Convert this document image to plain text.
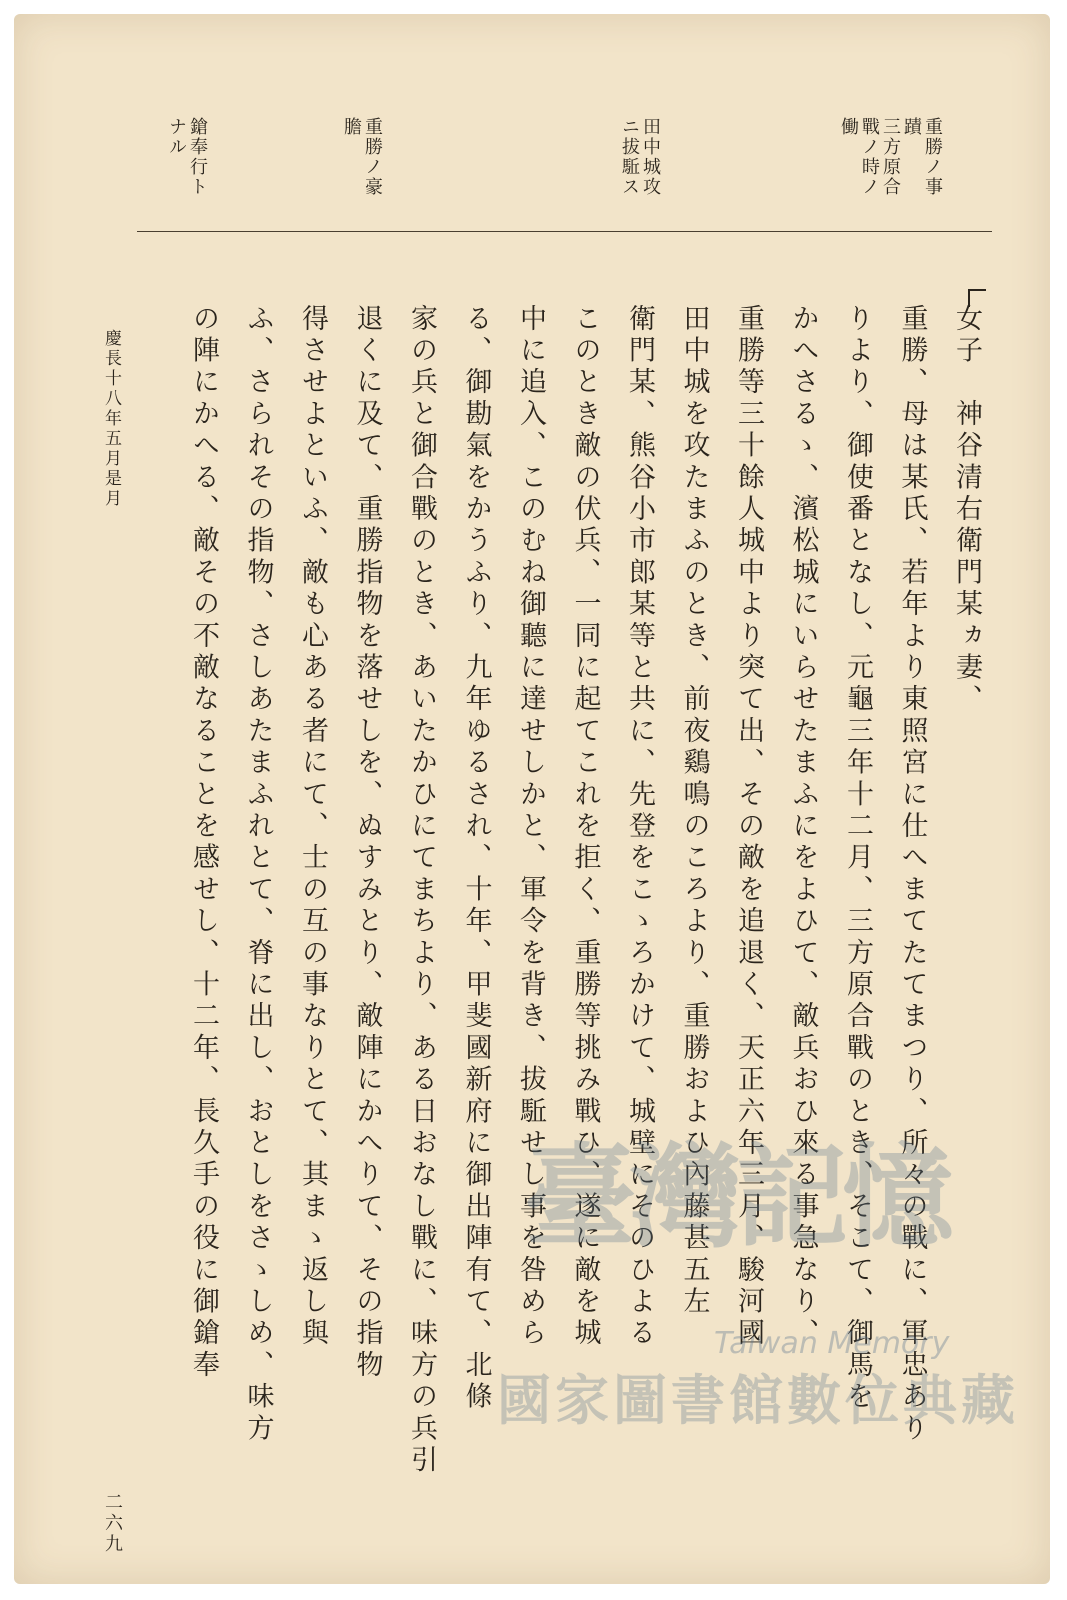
重勝ノ事
蹟
三方原合
戰ノ時ノ
働
田中城攻
ニ拔駈ス
重勝ノ豪
膽
鎗奉行ト
ナル
女子　神谷清右衛門某ヵ妻、
重勝、母は某氏、若年より東照宮に仕へまてたてまつり、所々の戰に、軍忠あり
りより、御使番となし、元龜三年十二月、三方原合戰のとき、そこて、御馬を
かへさるゝ、濱松城にいらせたまふにをよひて、敵兵おひ來る事急なり、
重勝等三十餘人城中より突て出、その敵を追退く、天正六年三月、駿河國
田中城を攻たまふのとき、前夜鷄鳴のころより、重勝およひ內藤甚五左
衛門某、熊谷小市郎某等と共に、先登をこゝろかけて、城壁にそのひよる
このとき敵の伏兵、一同に起てこれを拒く、重勝等挑み戰ひ、遂に敵を城
中に追入、このむね御聽に達せしかと、軍令を背き、拔駈せし事を咎めら
る、御勘氣をかうふり、九年ゆるされ、十年、甲斐國新府に御出陣有て、北條
家の兵と御合戰のとき、あいたかひにてまちより、ある日おなし戰に、味方の兵引
退くに及て、重勝指物を落せしを、ぬすみとり、敵陣にかへりて、その指物
得させよといふ、敵も心ある者にて、士の互の事なりとて、其まゝ返し與
ふ、さられその指物、さしあたまふれとて、脊に出し、おとしをさゝしめ、味方
の陣にかへる、敵その不敵なることを感せし、十二年、長久手の役に御鎗奉
慶長十八年五月是月
二六九
臺灣記憶
Taiwan Memory
國家圖書館數位典藏
